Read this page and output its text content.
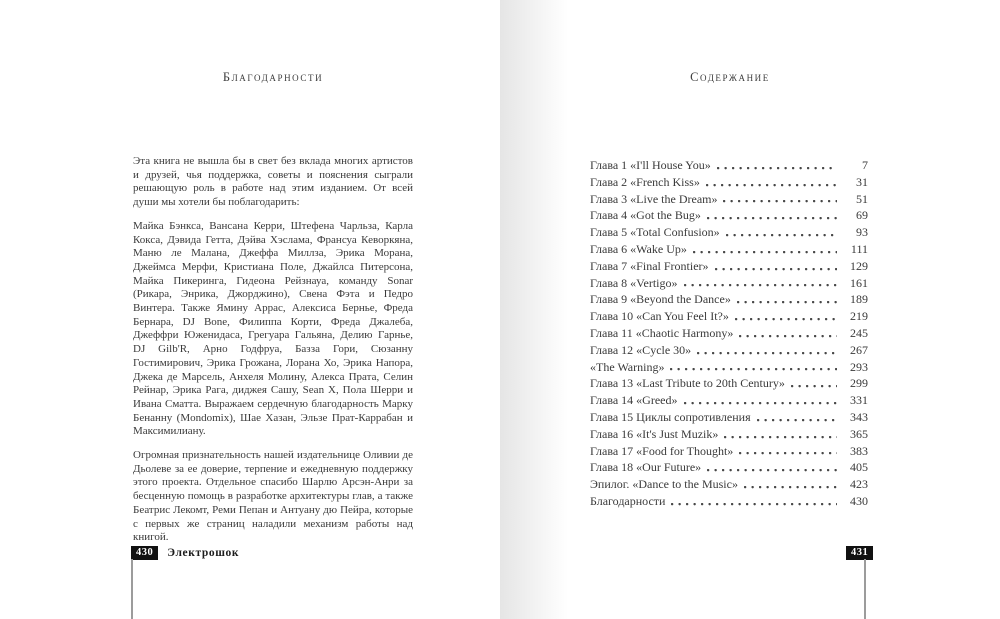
Благодарности

Эта книга не вышла бы в свет без вклада многих артистов и друзей, чья поддержка, советы и пояснения сыграли решающую роль в работе над этим изданием. От всей души мы хотели бы поблагодарить:

Майка Бэнкса, Вансана Керри, Штефена Чарльза, Карла Кокса, Дэвида Гетта, Дэйва Хэслама, Франсуа Кеворкяна, Маню ле Малана, Джеффа Миллза, Эрика Морана, Джеймса Мерфи, Кристиана Поле, Джайлса Питерсона, Майка Пикеринга, Гидеона Рейзнауа, команду Sonar (Рикара, Энрика, Джорджино), Свена Фэта и Педро Винтера. Также Ямину Аррас, Алексиса Бернье, Фреда Бернара, DJ Bone, Филиппа Корти, Фреда Джалеба, Джеффри Юженидаса, Грегуара Гальяна, Делию Гарнье, DJ Gilb'R, Арно Годфруа, Базза Гори, Сюзанну Гостимирович, Эрика Грожана, Лорана Хо, Эрика Напора, Джека де Марсель, Анхеля Молину, Алекса Прата, Селин Рейнар, Эрика Рага, диджея Сашу, Sean X, Пола Шерри и Ивана Сматта. Выражаем сердечную благодарность Марку Бенанну (Mondomix), Шае Хазан, Эльзе Прат-Каррабан и Максимилиану.

Огромная признательность нашей издательнице Оливии де Дьолеве за ее доверие, терпение и ежедневную поддержку этого проекта. Отдельное спасибо Шарлю Арсэн-Анри за бесценную помощь в разработке архитектуры глав, а также Беатрис Лекомт, Реми Пепан и Антуану дю Пейра, которые с первых же страниц наладили механизм работы над книгой.

430	Электрошок
Содержание
Глава 1 «I'll House You»	7
Глава 2 «French Kiss»	31
Глава 3 «Live the Dream»	51
Глава 4 «Got the Bug»	69
Глава 5 «Total Confusion»	93
Глава 6 «Wake Up»	111
Глава 7 «Final Frontier»	129
Глава 8 «Vertigo»	161
Глава 9 «Beyond the Dance»	189
Глава 10 «Can You Feel It?»	219
Глава 11 «Chaotic Harmony»	245
Глава 12 «Cycle 30»	267
«The Warning»	293
Глава 13 «Last Tribute to 20th Century»	299
Глава 14 «Greed»	331
Глава 15 Циклы сопротивления	343
Глава 16 «It's Just Muzik»	365
Глава 17 «Food for Thought»	383
Глава 18 «Our Future»	405
Эпилог. «Dance to the Music»	423
Благодарности	430
431
